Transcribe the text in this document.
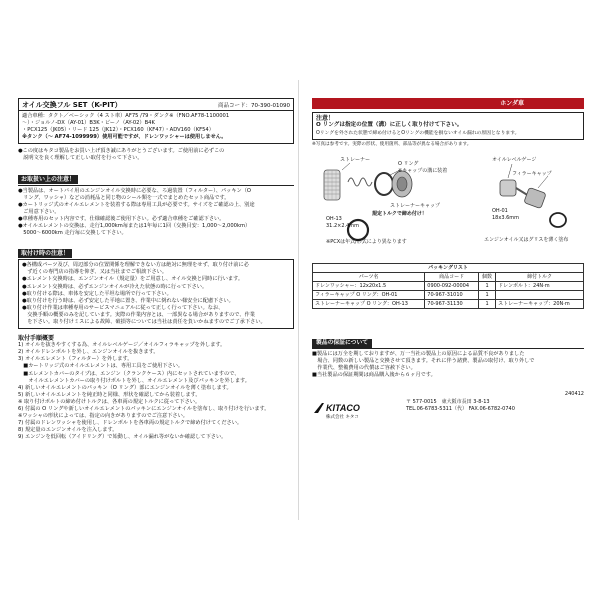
オイル交換フル SET（K-PIT）	商品コード：70-390-01090
適合車種：タクト／ベーシック（4 スト車）AF75 /79・ダンク※（FNO.AF78-1100001
～）・ジョルノ-DX（AY-01）B3K・ビーノ（AY-02）B4K
・PCX125（JK05）・リード 125（JK12）・PCX160（KF47）・ADV160（KF54）
※タンク（～ AF74-1099999）使用可能ですが、ドレンワッシャーは使用しません。
●この度はキタコ製品をお買い上げ頂き誠にありがとうございます。ご使用前に必ずこの
　説明文を良く理解して正しい取付を行って下さい。
お取扱い上の注意！
●当製品は、オートバイ用のエンジンオイル交換時に必要な、ろ過装置（フィルター）、パッキン（O
　リング、ワッシャ）などの消耗品と同じ物のシール類を一式でまとめたセット商品です。
●カートリッジ式のオイルエレメントを装着する際は専用工具が必要です。サイズをご確認の上、別途
　ご用意下さい。
●車種専用のセット内容です。仕様確認後ご使用下さい。必ず適合車種をご確認下さい。
●オイルエレメントの交換は、走行1,000km毎または1年毎に1回（交換目安：1,000～2,000km）
　5000～6000km 走行毎に交換して下さい。
取付け時の注意！
●各構成パーツ及び、周辺部分の位置関係を理解できない方は絶対に無理をせず、取り付け前に必
　ず近くの専門店の指導を仰ぎ、又は当社までご相談下さい。
●エレメント交換時は、エンジンオイル（規定量）をご用意し、オイル交換と同時に行います。
●エレメント交換時は、必ずエンジンオイルが冷えた状態の時に行って下さい。
●取り付ける際は、車体を安定した平坦な場所で行って下さい。
●取り付けを行う時は、必ず安定した平地に置き、作業中に倒れない様安全に配慮下さい。
●取り付け作業は車種専用のサービスマニュアルに従って正しく行って下さい。なお、
　交換手順の概要のみを記しています。実際の作業内容とは、一部異なる場合がありますので、作業
　を下さい。取り付けミスによる故障、破損等については当社は責任を負いかねますのでご了承下さい。
取付手順概要
1) オイルを抜きやすくする為、オイルレベルゲージ／オイルフィラキャップを外します。
2) オイルドレンボルトを外し、エンジンオイルを抜きます。
3) オイルエレメント（フィルター）を外します。
　■カートリッジ式のオイルエレメントは、専用工具をご使用下さい。
　■エレメントカバーのタイプは、エンジン（クランクケース）内にセットされていますので、
　　オイルエレメントカバーの取り付けボルトを外し、オイルエレメント及びパッキンを外します。
4) 新しいオイルエレメントのパッキン（O リング）部にエンジンオイルを薄く塗布します。
5) 新しいオイルエレメントを純正時と同様、形状を確認してから装着します。
※ 取り付けボルトの締め付けトルクは、各車両の規定トルクに従って下さい。
6) 付属の O リングや新しいオイルエレメントのパッキンにエンジンオイルを塗布し、取り付けを行います。
※ワッシャの形状によっては、指定の向きがありますのでご注意下さい。
7) 付属のドレンワッシャを使用し、ドレンボルトを各車両の規定トルクで締め付けてください。
8) 規定量のエンジンオイルを注入します。
9) エンジンを低回転（アイドリング）で始動し、オイル漏れ等がないか確認して下さい。
ホンダ車
注意！
O リングは指定の位置（溝）に正しく取り付けて下さい。
Oリングを外された状態で締め付けるとOリングの機能を損ないオイル漏れの原因となります。
※写真は参考です。実際の形状、使用箇所、部品等が異なる場合があります。
ストレーナー
O リング
※キャップの溝に装着
OH-13
31.2×2.4mm
ストレーナーキャップ
規定トルクで締め付け！
※PCXは年式/形式により異なります
オイルレベルゲージ
フィラーキャップ
OH-01
18x3.6mm
エンジンオイル又はグリスを薄く塗布
パッキングリスト			
パーツ名	商品コード	個数	締付トルク
ドレンワッシャー：12x20x1.5	0900-092-00004	1	ドレンボルト：24N·m
フィラーキャップ O リング：OH-01	70-967-31010	1	
ストレーナーキャップ O リング：OH-13	70-967-31130	1	ストレーナーキャップ：20N·m
製品の保証について
■製品には万全を期しておりますが、万一当社の製品上の原因による品質不良がありました
　場合、同数の新しい製品と交換させて頂きます。それに伴う諸費、製品の取付け、取り外しで
　作業代、整備費用の代償はご容赦下さい。
■当社製品の保証期間は商品購入後から６ヶ月です。
240412
KITACO
株式会社 キタコ
〒 577-0015　東大阪市長田 3-8-13
TEL.06-6783-5311（代） FAX.06-6782-0740
